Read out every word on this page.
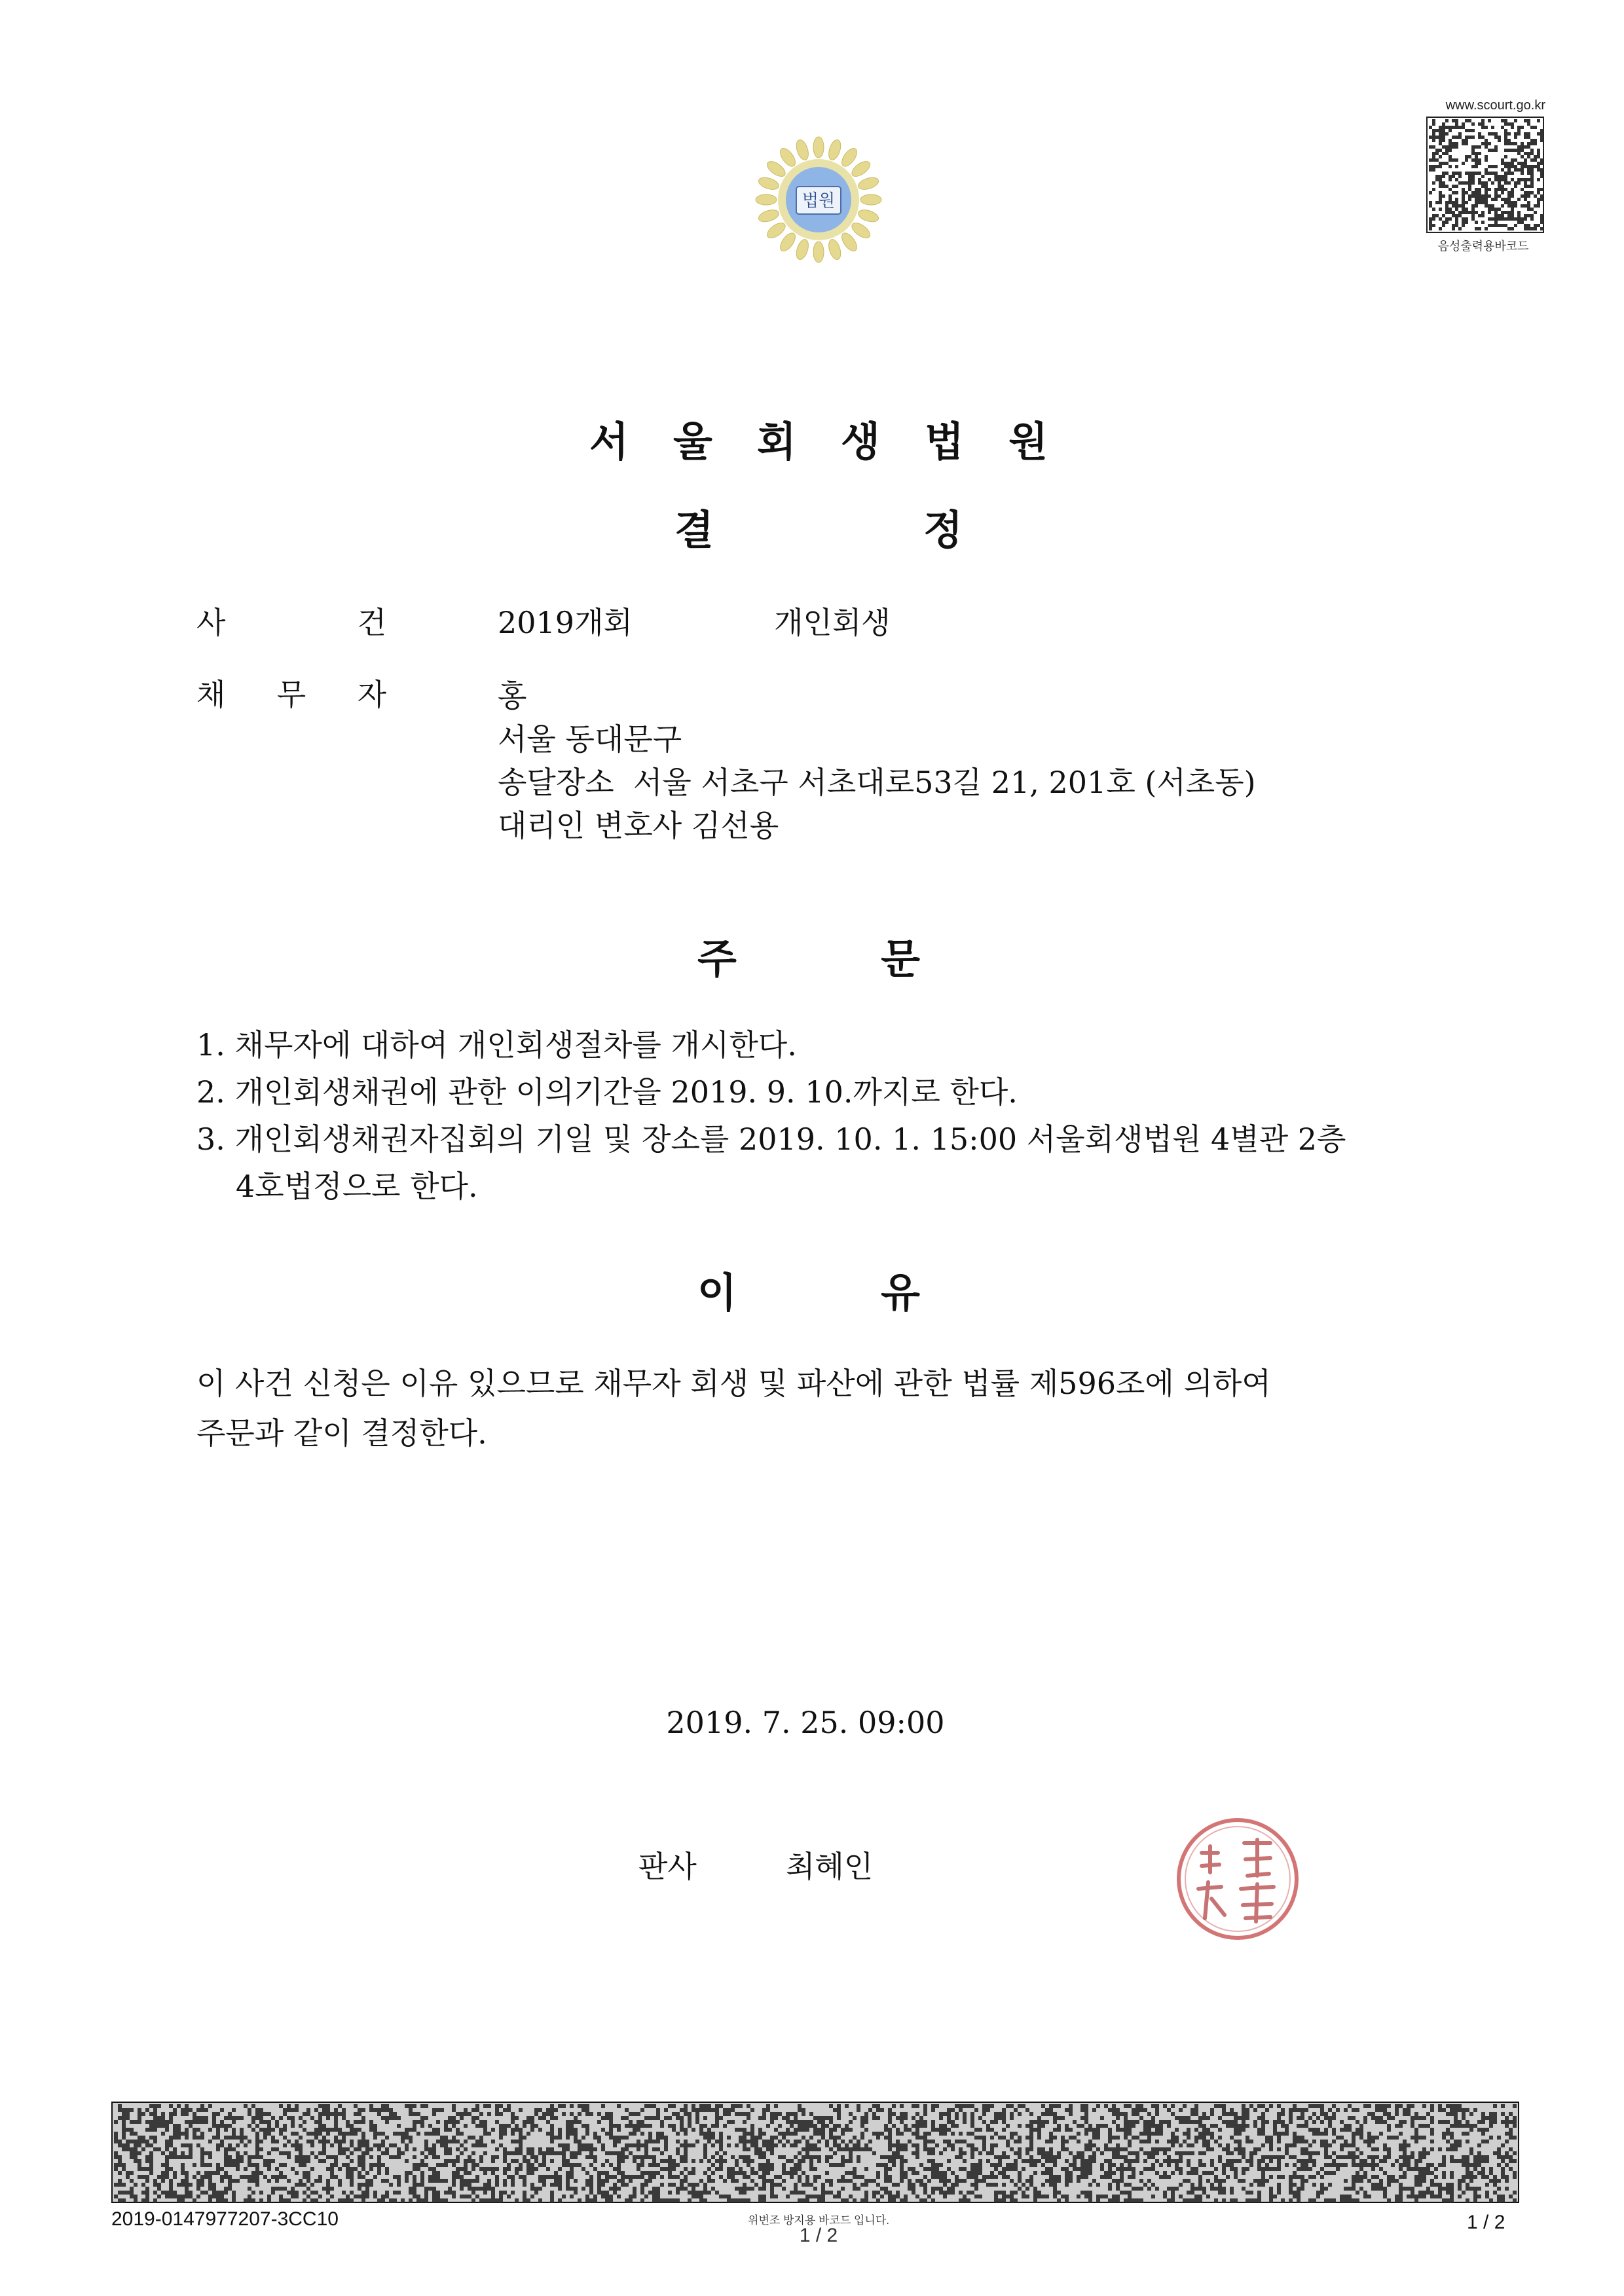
법원
www.scourt.go.kr
음성출력용바코드
서 울 회 생 법 원
결	정
사	건	2019개회	개인회생
채 무 자	홍
서울 동대문구
송달장소  서울 서초구 서초대로53길 21, 201호 (서초동)
대리인 변호사 김선용
주	문
1. 채무자에 대하여 개인회생절차를 개시한다.
2. 개인회생채권에 관한 이의기간을 2019. 9. 10.까지로 한다.
3. 개인회생채권자집회의 기일 및 장소를 2019. 10. 1. 15:00 서울회생법원 4별관 2층
4호법정으로 한다.
이	유
이 사건 신청은 이유 있으므로 채무자 회생 및 파산에 관한 법률 제596조에 의하여
주문과 같이 결정한다.
2019. 7. 25. 09:00
판사	최혜인
2019-0147977207-3CC10	위변조 방지용 바코드 입니다.
1 / 2
1 / 2
